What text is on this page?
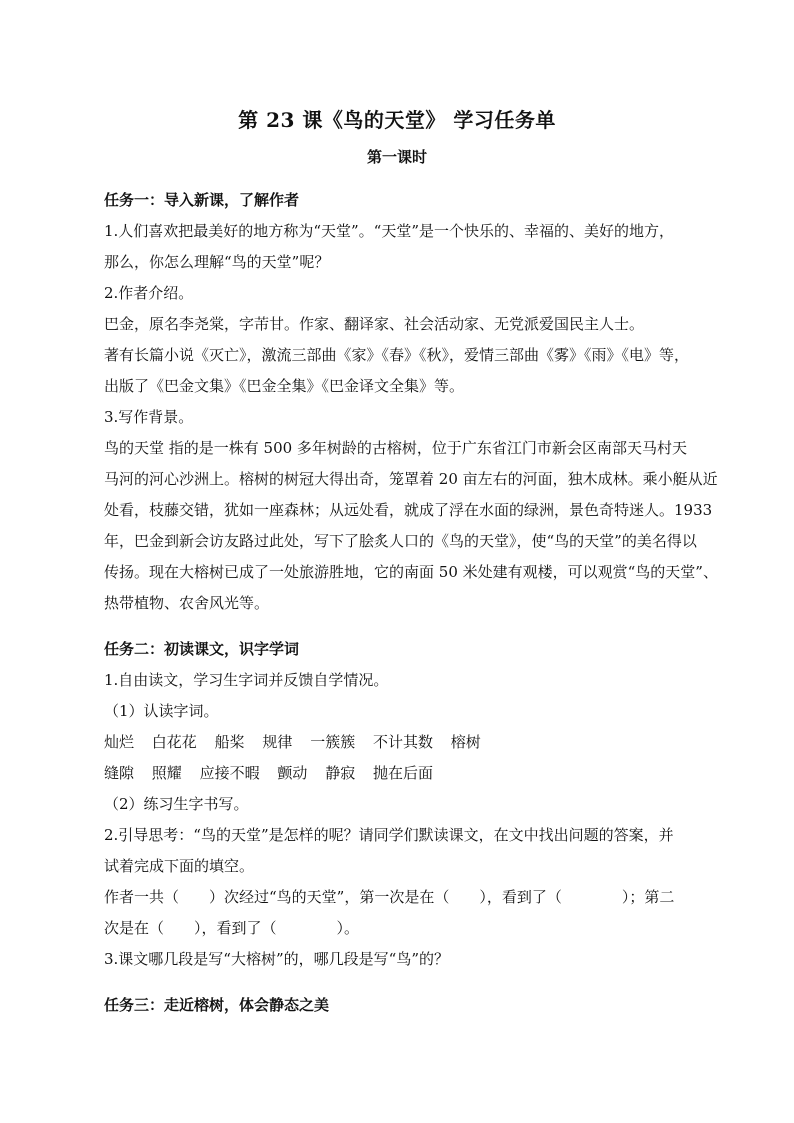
第 23 课《鸟的天堂》 学习任务单
第一课时
任务一：导入新课，了解作者
1.人们喜欢把最美好的地方称为“天堂”。“天堂”是一个快乐的、幸福的、美好的地方，
那么，你怎么理解“鸟的天堂”呢？
2.作者介绍。
巴金，原名李尧棠，字芾甘。作家、翻译家、社会活动家、无党派爱国民主人士。
著有长篇小说《灭亡》，激流三部曲《家》《春》《秋》，爱情三部曲《雾》《雨》《电》等，
出版了《巴金文集》《巴金全集》《巴金译文全集》等。
3.写作背景。
鸟的天堂 指的是一株有 500 多年树龄的古榕树，位于广东省江门市新会区南部天马村天
马河的河心沙洲上。榕树的树冠大得出奇，笼罩着 20 亩左右的河面，独木成林。乘小艇从近
处看，枝藤交错，犹如一座森林；从远处看，就成了浮在水面的绿洲，景色奇特迷人。1933
年，巴金到新会访友路过此处，写下了脍炙人口的《鸟的天堂》，使“鸟的天堂”的美名得以
传扬。现在大榕树已成了一处旅游胜地，它的南面 50 米处建有观楼，可以观赏“鸟的天堂”、
热带植物、农舍风光等。
任务二：初读课文，识字学词
1.自由读文，学习生字词并反馈自学情况。
（1）认读字词。
灿烂 白花花 船桨 规律 一簇簇 不计其数 榕树
缝隙 照耀 应接不暇 颤动 静寂 抛在后面
（2）练习生字书写。
2.引导思考：“鸟的天堂”是怎样的呢？请同学们默读课文，在文中找出问题的答案，并
试着完成下面的填空。
作者一共（　　）次经过“鸟的天堂”，第一次是在（　　），看到了（　　　　）；第二
次是在（　　），看到了（　　　　）。
3.课文哪几段是写“大榕树”的，哪几段是写“鸟”的？
任务三：走近榕树，体会静态之美
